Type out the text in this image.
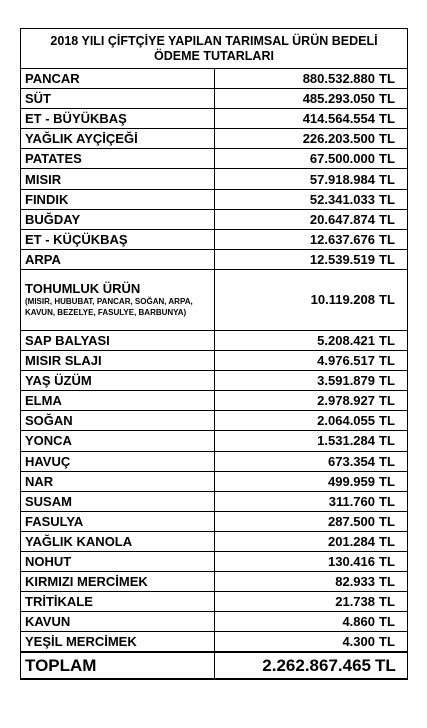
2018 YILI ÇİFTÇİYE YAPILAN TARIMSAL ÜRÜN BEDELİ
ÖDEME TUTARLARI	
PANCAR	880.532.880 TL
SÜT	485.293.050 TL
ET - BÜYÜKBAŞ	414.564.554 TL
YAĞLIK AYÇİÇEĞİ	226.203.500 TL
PATATES	67.500.000 TL
MISIR	57.918.984 TL
FINDIK	52.341.033 TL
BUĞDAY	20.647.874 TL
ET - KÜÇÜKBAŞ	12.637.676 TL
ARPA	12.539.519 TL

TOHUMLUK ÜRÜN
(MISIR, HUBUBAT, PANCAR, SOĞAN, ARPA, KAVUN, BEZELYE, FASULYE, BARBUNYA)	10.119.208 TL
SAP BALYASI	5.208.421 TL
MISIR SLAJI	4.976.517 TL
YAŞ ÜZÜM	3.591.879 TL
ELMA	2.978.927 TL
SOĞAN	2.064.055 TL
YONCA	1.531.284 TL
HAVUÇ	673.354 TL
NAR	499.959 TL
SUSAM	311.760 TL
FASULYA	287.500 TL
YAĞLIK KANOLA	201.284 TL
NOHUT	130.416 TL
KIRMIZI MERCİMEK	82.933 TL
TRİTİKALE	21.738 TL
KAVUN	4.860 TL
YEŞİL MERCİMEK	4.300 TL
TOPLAM	2.262.867.465 TL
